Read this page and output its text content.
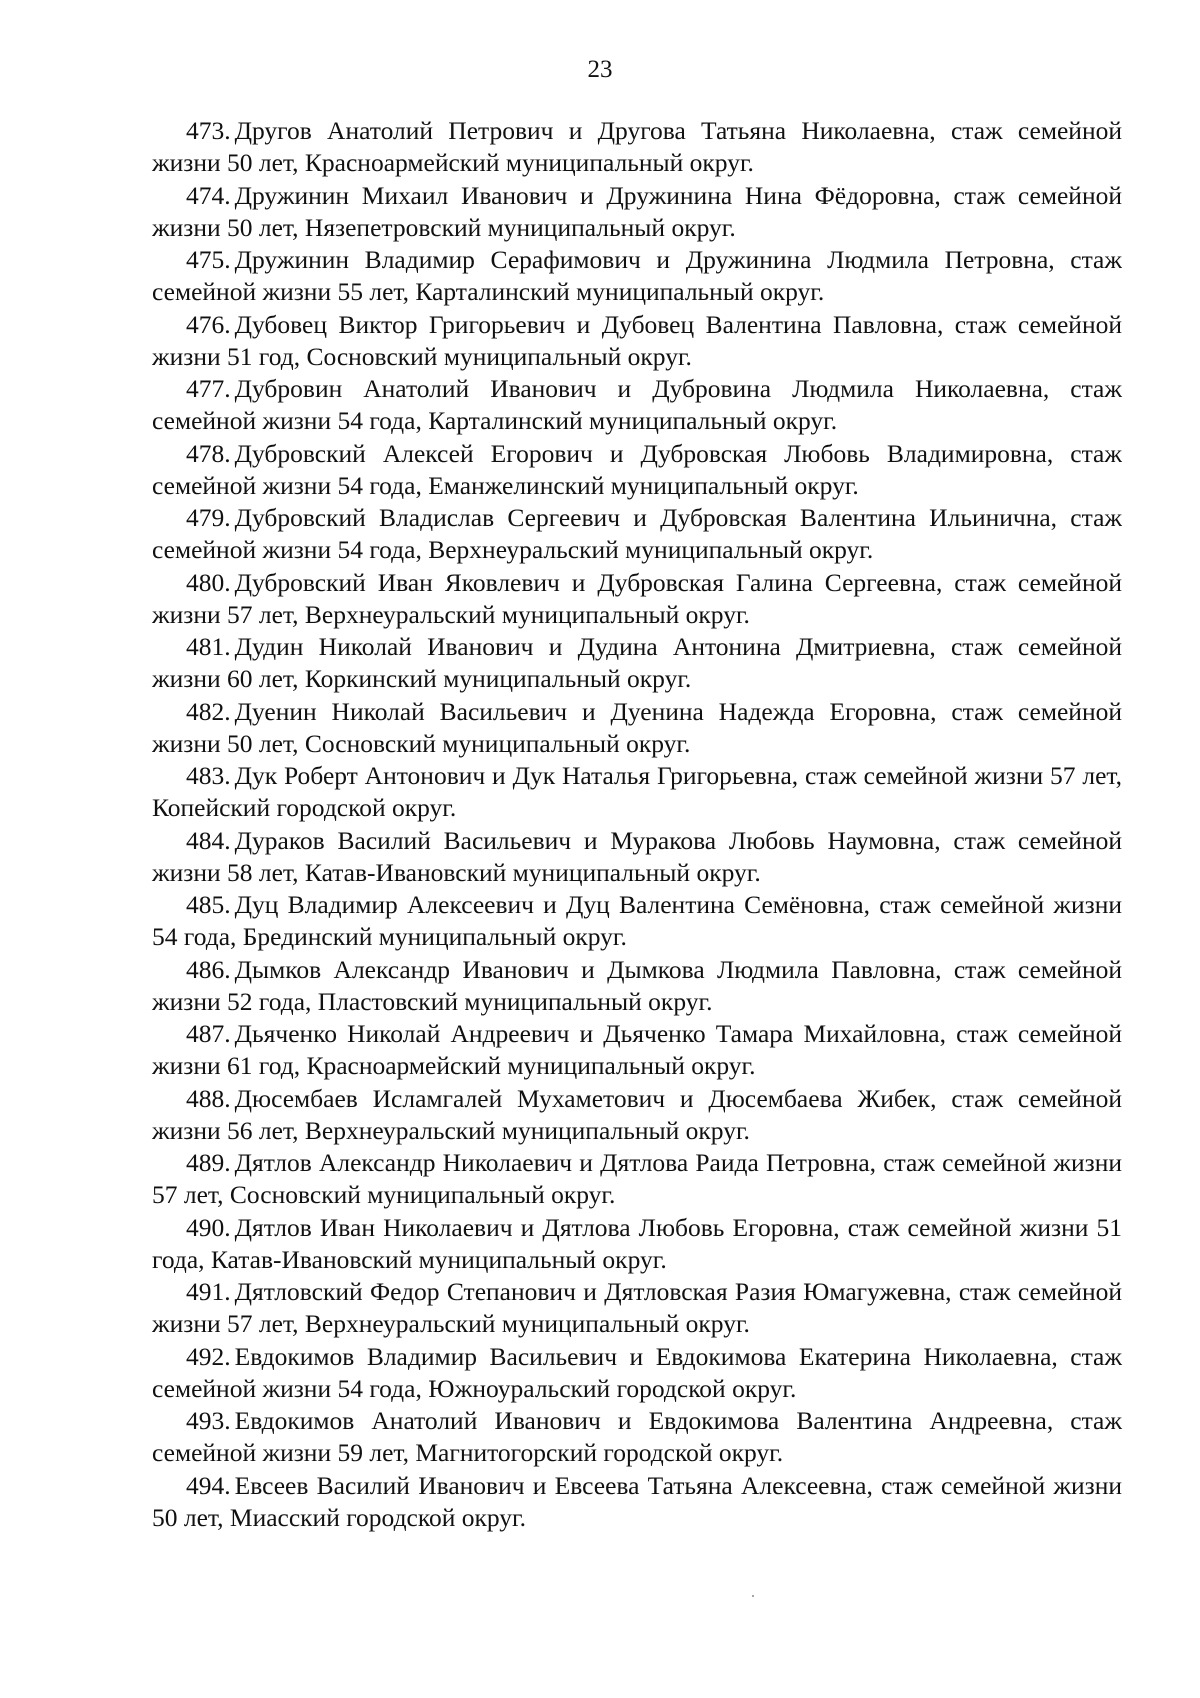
23
473. Другов Анатолий Петрович и Другова Татьяна Николаевна, стаж семейной жизни 50 лет, Красноармейский муниципальный округ.
474. Дружинин Михаил Иванович и Дружинина Нина Фёдоровна, стаж семейной жизни 50 лет, Нязепетровский муниципальный округ.
475. Дружинин Владимир Серафимович и Дружинина Людмила Петровна, стаж семейной жизни 55 лет, Карталинский муниципальный округ.
476. Дубовец Виктор Григорьевич и Дубовец Валентина Павловна, стаж семейной жизни 51 год, Сосновский муниципальный округ.
477. Дубровин Анатолий Иванович и Дубровина Людмила Николаевна, стаж семейной жизни 54 года, Карталинский муниципальный округ.
478. Дубровский Алексей Егорович и Дубровская Любовь Владимировна, стаж семейной жизни 54 года, Еманжелинский муниципальный округ.
479. Дубровский Владислав Сергеевич и Дубровская Валентина Ильинична, стаж семейной жизни 54 года, Верхнеуральский муниципальный округ.
480. Дубровский Иван Яковлевич и Дубровская Галина Сергеевна, стаж семейной жизни 57 лет, Верхнеуральский муниципальный округ.
481. Дудин Николай Иванович и Дудина Антонина Дмитриевна, стаж семейной жизни 60 лет, Коркинский муниципальный округ.
482. Дуенин Николай Васильевич и Дуенина Надежда Егоровна, стаж семейной жизни 50 лет, Сосновский муниципальный округ.
483. Дук Роберт Антонович и Дук Наталья Григорьевна, стаж семейной жизни 57 лет, Копейский городской округ.
484. Дураков Василий Васильевич и Муракова Любовь Наумовна, стаж семейной жизни 58 лет, Катав-Ивановский муниципальный округ.
485. Дуц Владимир Алексеевич и Дуц Валентина Семёновна, стаж семейной жизни 54 года, Брединский муниципальный округ.
486. Дымков Александр Иванович и Дымкова Людмила Павловна, стаж семейной жизни 52 года, Пластовский муниципальный округ.
487. Дьяченко Николай Андреевич и Дьяченко Тамара Михайловна, стаж семейной жизни 61 год, Красноармейский муниципальный округ.
488. Дюсембаев Исламгалей Мухаметович и Дюсембаева Жибек, стаж семейной жизни 56 лет, Верхнеуральский муниципальный округ.
489. Дятлов Александр Николаевич и Дятлова Раида Петровна, стаж семейной жизни 57 лет, Сосновский муниципальный округ.
490. Дятлов Иван Николаевич и Дятлова Любовь Егоровна, стаж семейной жизни 51 года, Катав-Ивановский муниципальный округ.
491. Дятловский Федор Степанович и Дятловская Разия Юмагужевна, стаж семейной жизни 57 лет, Верхнеуральский муниципальный округ.
492. Евдокимов Владимир Васильевич и Евдокимова Екатерина Николаевна, стаж семейной жизни 54 года, Южноуральский городской округ.
493. Евдокимов Анатолий Иванович и Евдокимова Валентина Андреевна, стаж семейной жизни 59 лет, Магнитогорский городской округ.
494. Евсеев Василий Иванович и Евсеева Татьяна Алексеевна, стаж семейной жизни 50 лет, Миасский городской округ.
